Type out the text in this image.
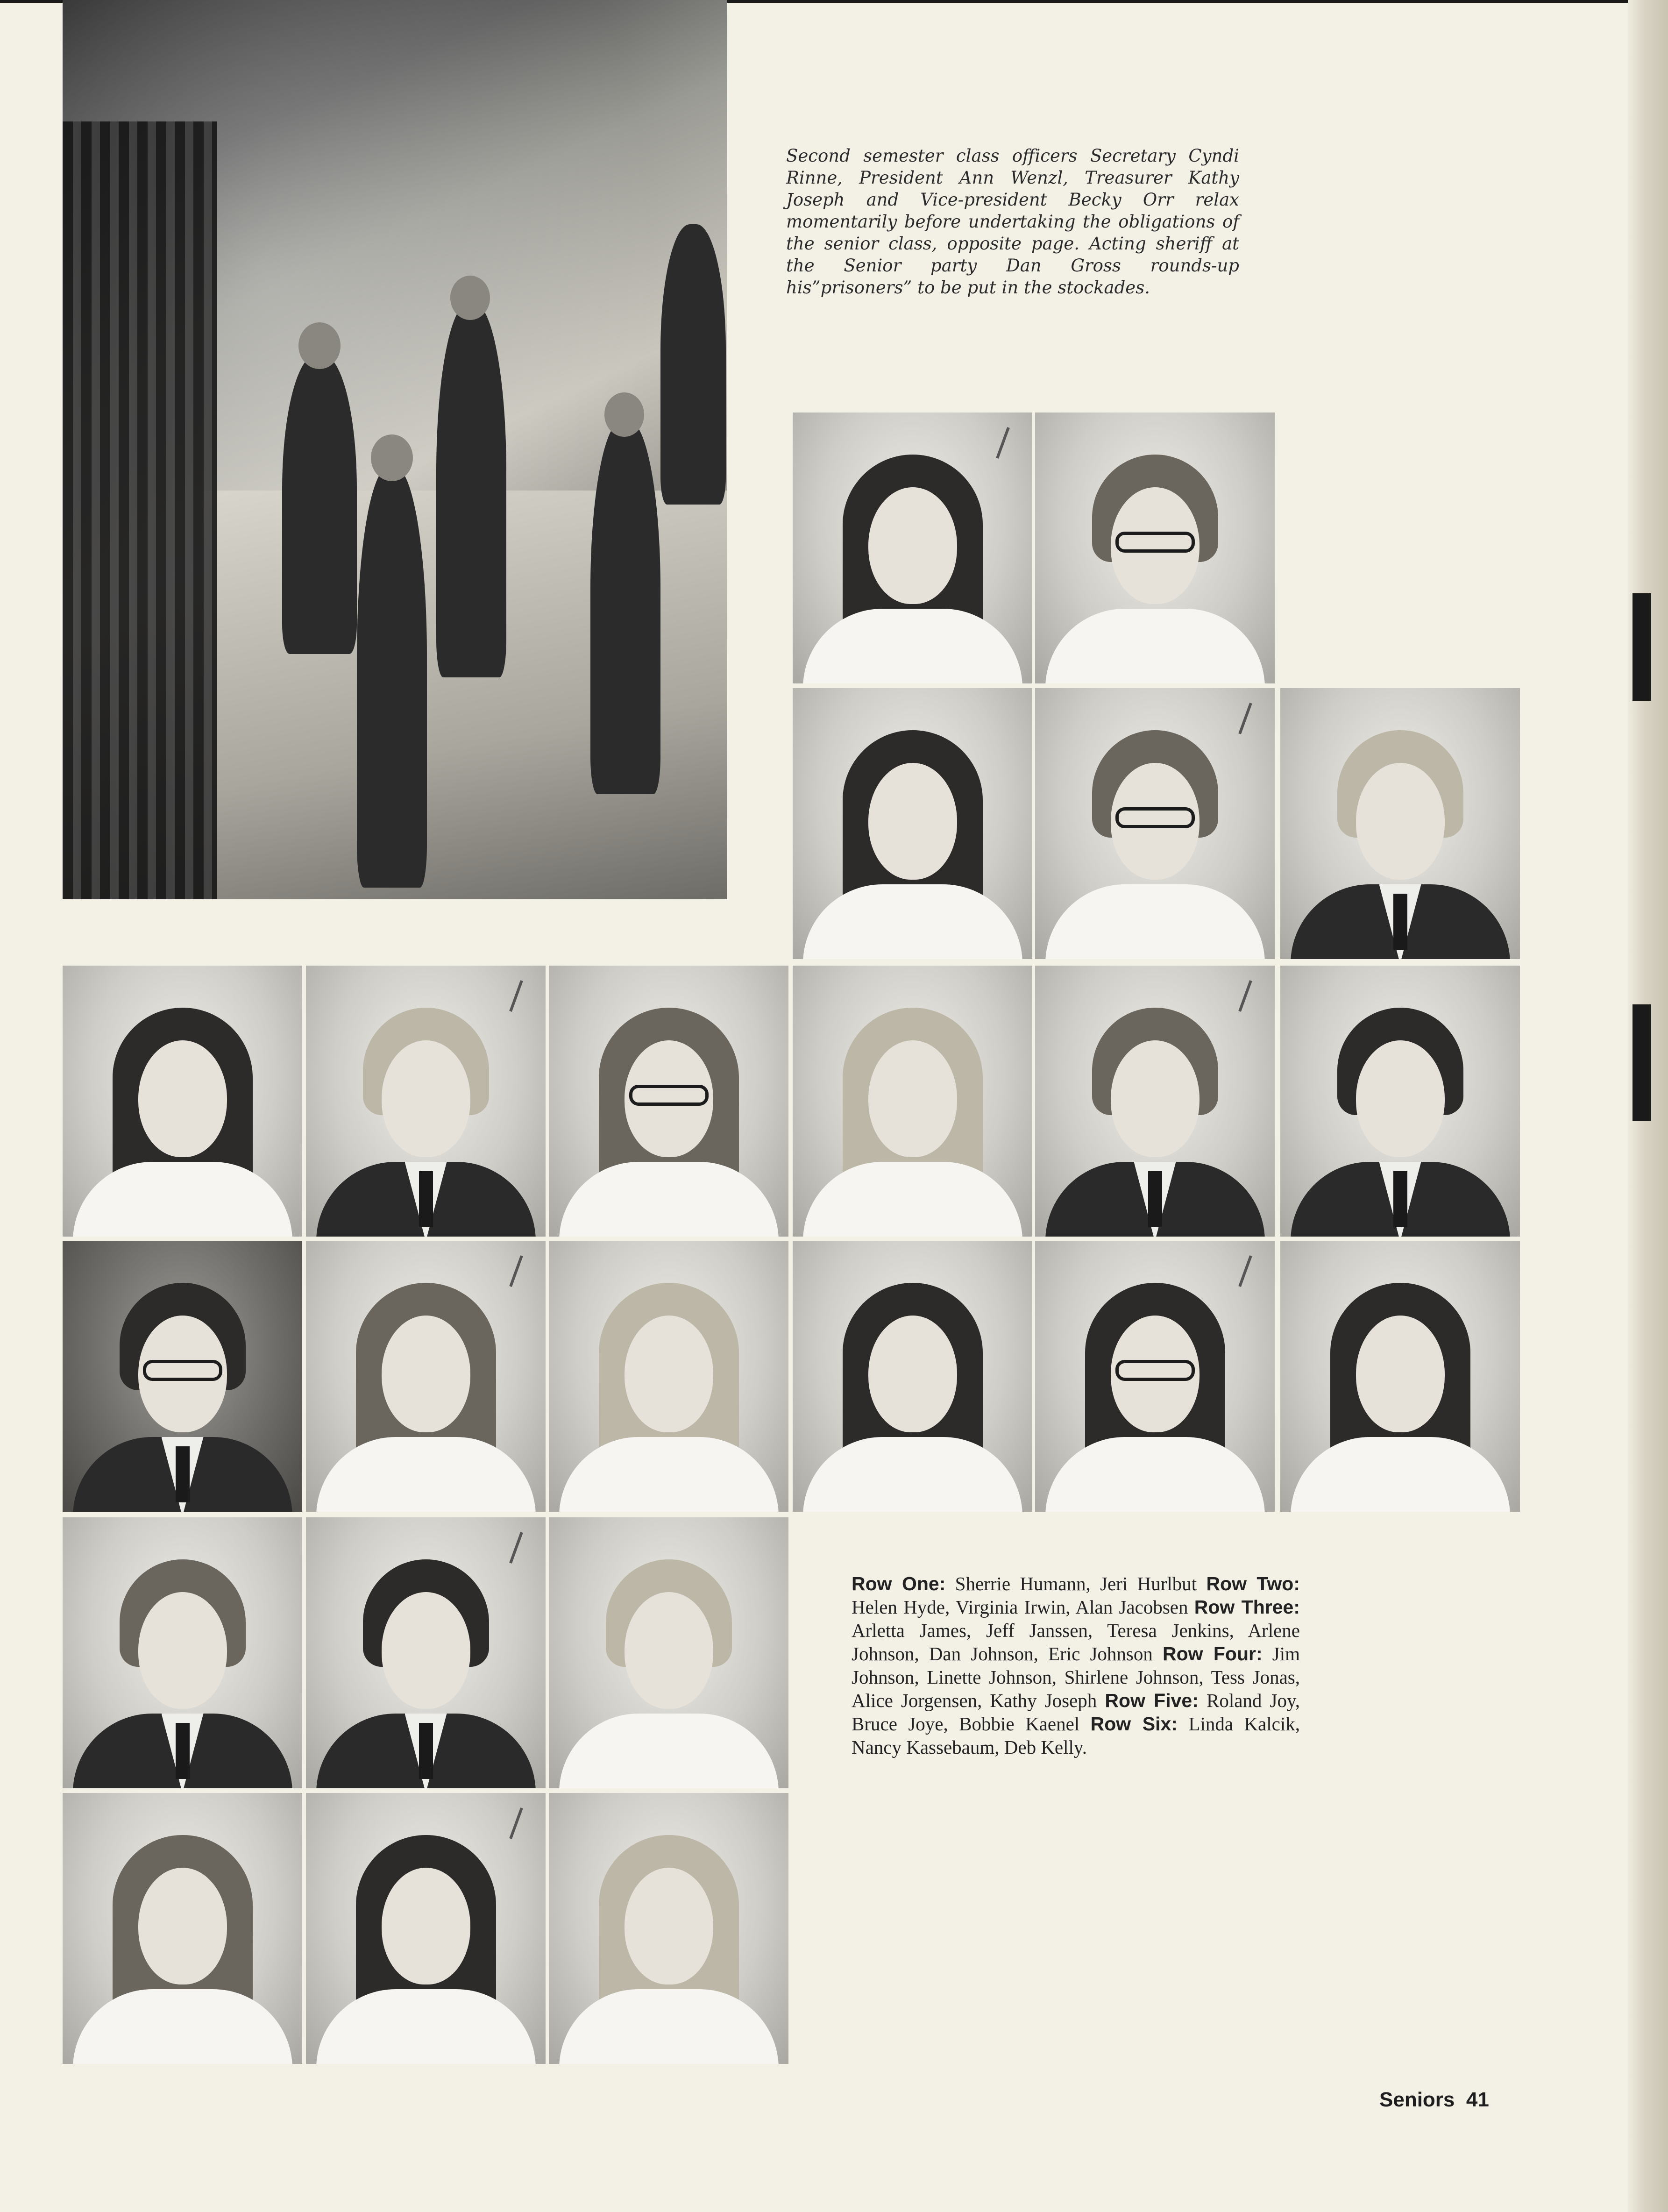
Second semester class officers Secretary Cyndi Rinne, President Ann Wenzl, Treasurer Kathy Joseph and Vice-president Becky Orr relax momentarily before undertaking the obligations of the senior class, opposite page. Acting sheriff at the Senior party Dan Gross rounds-up his”prisoners” to be put in the stockades.

Row One: Sherrie Humann, Jeri Hurlbut Row Two: Helen Hyde, Virginia Irwin, Alan Jacobsen Row Three: Arletta James, Jeff Janssen, Teresa Jenkins, Arlene Johnson, Dan Johnson, Eric Johnson Row Four: Jim Johnson, Linette Johnson, Shirlene Johnson, Tess Jonas, Alice Jorgensen, Kathy Joseph Row Five: Roland Joy, Bruce Joye, Bobbie Kaenel Row Six: Linda Kalcik, Nancy Kassebaum, Deb Kelly.

Seniors 41
